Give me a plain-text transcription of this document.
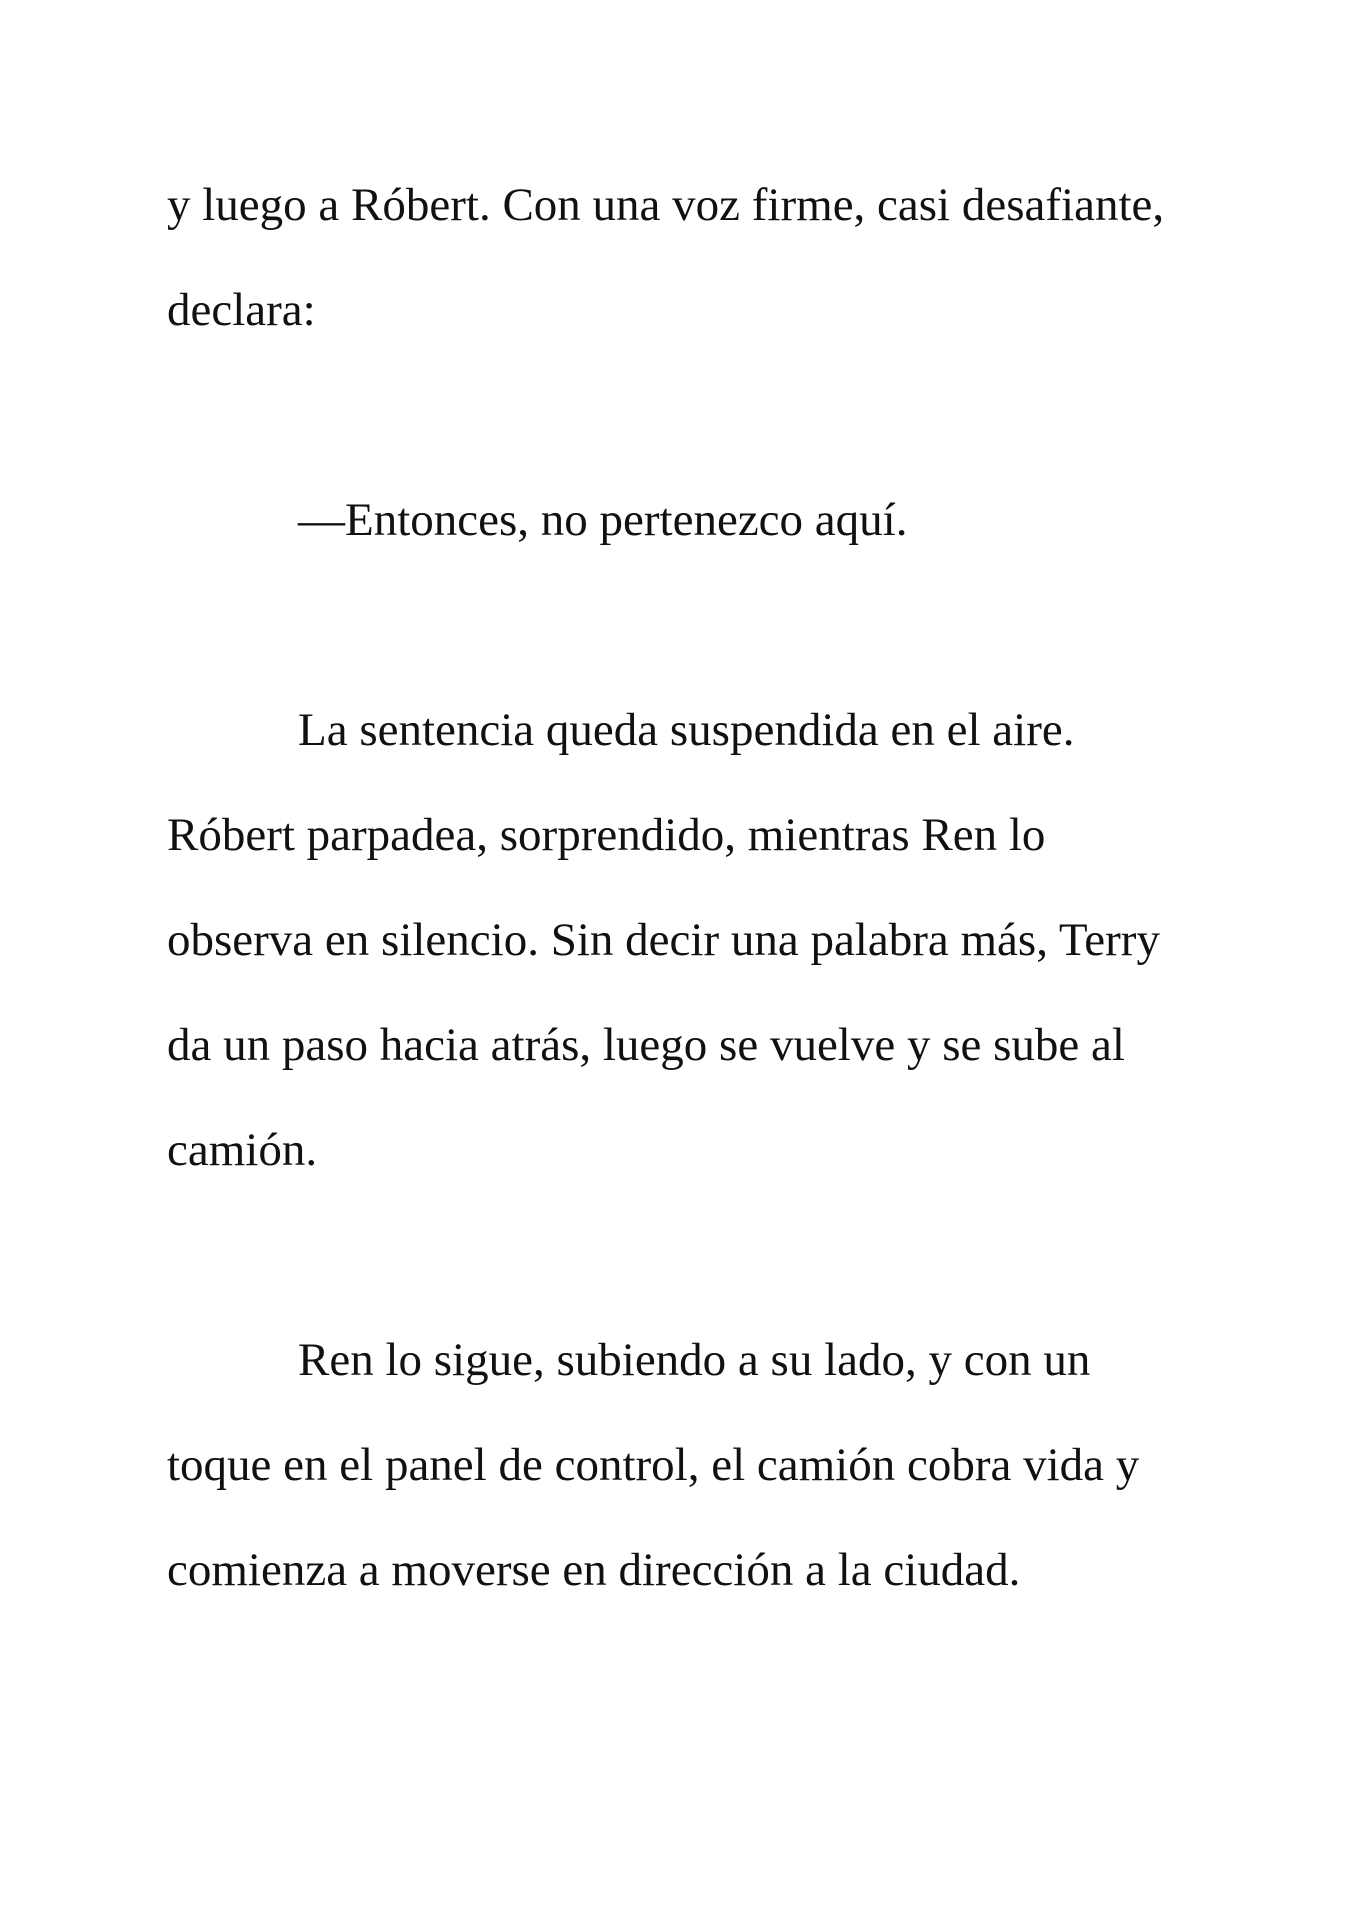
y luego a Róbert. Con una voz firme, casi desafiante, declara:

—Entonces, no pertenezco aquí.

La sentencia queda suspendida en el aire. Róbert parpadea, sorprendido, mientras Ren lo observa en silencio. Sin decir una palabra más, Terry da un paso hacia atrás, luego se vuelve y se sube al camión.

Ren lo sigue, subiendo a su lado, y con un toque en el panel de control, el camión cobra vida y comienza a moverse en dirección a la ciudad.
